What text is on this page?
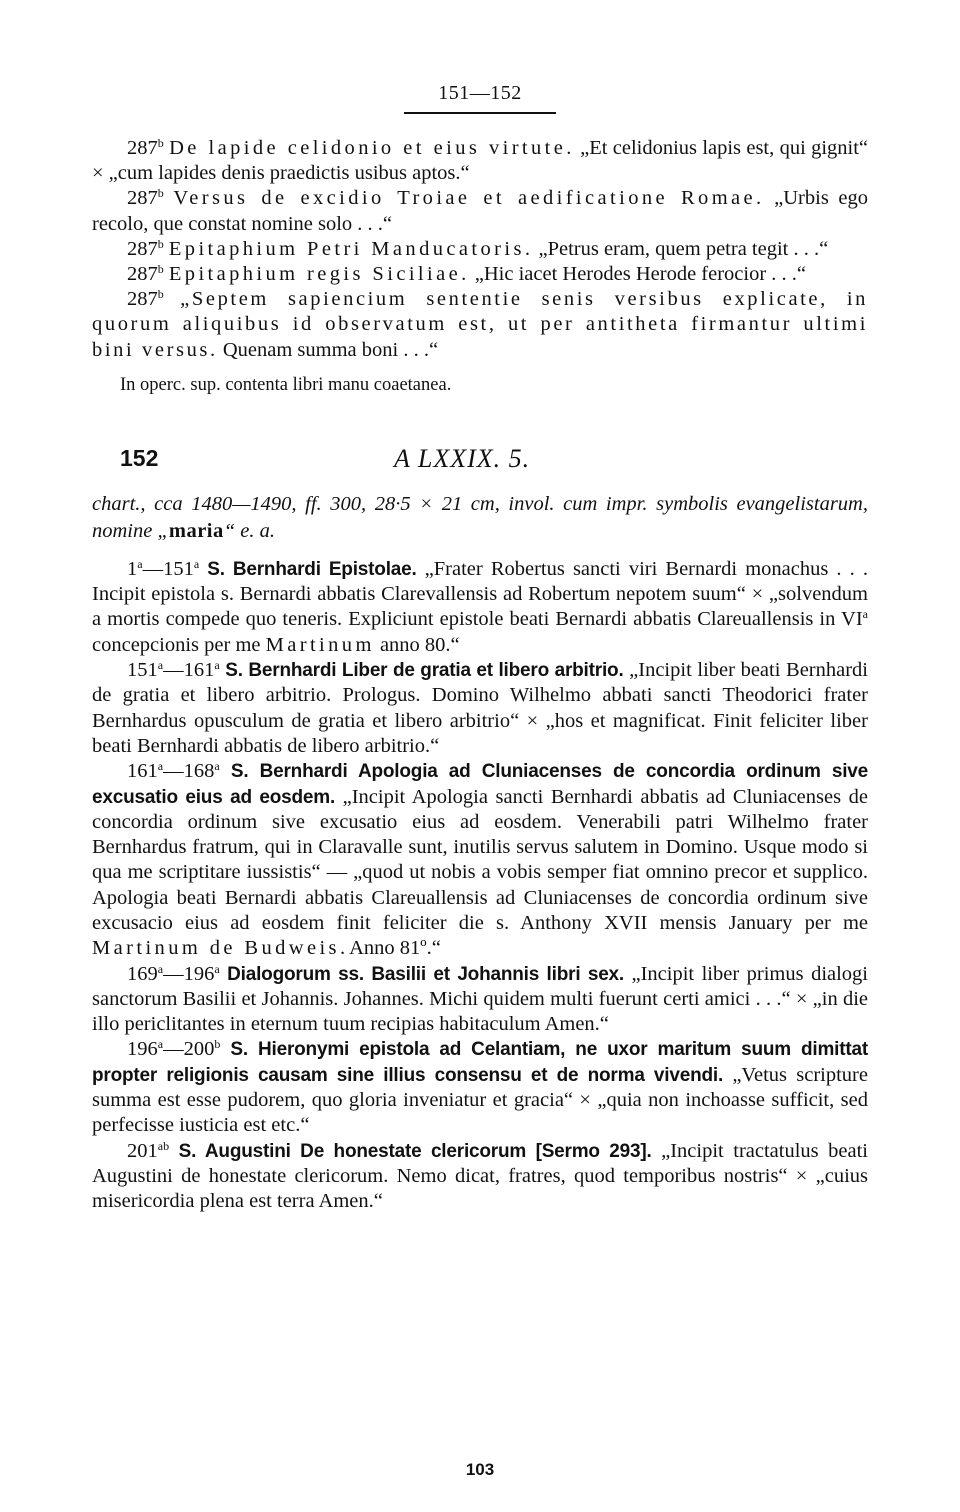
151—152

287$^b$ De lapide celidonio et eius virtute. „Et celidonius lapis est, qui gignit“ × „cum lapides denis praedictis usibus aptos.“

287$^b$ Versus de excidio Troiae et aedificatione Romae. „Urbis ego recolo, que constat nomine solo . . .“

287$^b$ Epitaphium Petri Manducatoris. „Petrus eram, quem petra tegit . . .“

287$^b$ Epitaphium regis Siciliae. „Hic iacet Herodes Herode ferocior . . .“

287$^b$ „Septem sapiencium sententie senis versibus explicate, in quorum aliquibus id observatum est, ut per antitheta firmantur ultimi bini versus. Quenam summa boni . . .“

In operc. sup. contenta libri manu coaetanea.
152	A LXXIX. 5.
chart., cca 1480—1490, ff. 300, 28·5 × 21 cm, invol. cum impr. symbolis evangelistarum, nomine „maria“ e. a.

1$^a$—151$^a$ S. Bernhardi Epistolae. „Frater Robertus sancti viri Bernardi monachus . . . Incipit epistola s. Bernardi abbatis Clarevallensis ad Robertum nepotem suum“ × „solvendum a mortis compede quo teneris. Expliciunt epistole beati Bernardi abbatis Clareuallensis in $VI^a$ concepcionis per me Martinum anno 80.“

151$^a$—161$^a$ S. Bernhardi Liber de gratia et libero arbitrio. „Incipit liber beati Bernhardi de gratia et libero arbitrio. Prologus. Domino Wilhelmo abbati sancti Theodorici frater Bernhardus opusculum de gratia et libero arbitrio“ × „hos et magnificat. Finit feliciter liber beati Bernhardi abbatis de libero arbitrio.“

161$^a$—168$^a$ S. Bernhardi Apologia ad Cluniacenses de concordia ordinum sive excusatio eius ad eosdem. „Incipit Apologia sancti Bernhardi abbatis ad Cluniacenses de concordia ordinum sive excusatio eius ad eosdem. Venerabili patri Wilhelmo frater Bernhardus fratrum, qui in Claravalle sunt, inutilis servus salutem in Domino. Usque modo si qua me scriptitare iussistis“ — „quod ut nobis a vobis semper fiat omnino precor et supplico. Apologia beati Bernardi abbatis Clareuallensis ad Cluniacenses de concordia ordinum sive excusacio eius ad eosdem finit feliciter die s. Anthony XVII mensis January per me Martinum de Budweis. Anno 81º.“

169$^a$—196$^a$ Dialogorum ss. Basilii et Johannis libri sex. „Incipit liber primus dialogi sanctorum Basilii et Johannis. Johannes. Michi quidem multi fuerunt certi amici . . .“ × „in die illo periclitantes in eternum tuum recipias habitaculum Amen.“

196$^a$—200$^b$ S. Hieronymi epistola ad Celantiam, ne uxor maritum suum dimittat propter religionis causam sine illius consensu et de norma vivendi. „Vetus scripture summa est esse pudorem, quo gloria inveniatur et gracia“ × „quia non inchoasse sufficit, sed perfecisse iusticia est etc.“

$201^{ab}$ S. Augustini De honestate clericorum [Sermo 293]. „Incipit tractatulus beati Augustini de honestate clericorum. Nemo dicat, fratres, quod temporibus nostris“ × „cuius misericordia plena est terra Amen.“

103
